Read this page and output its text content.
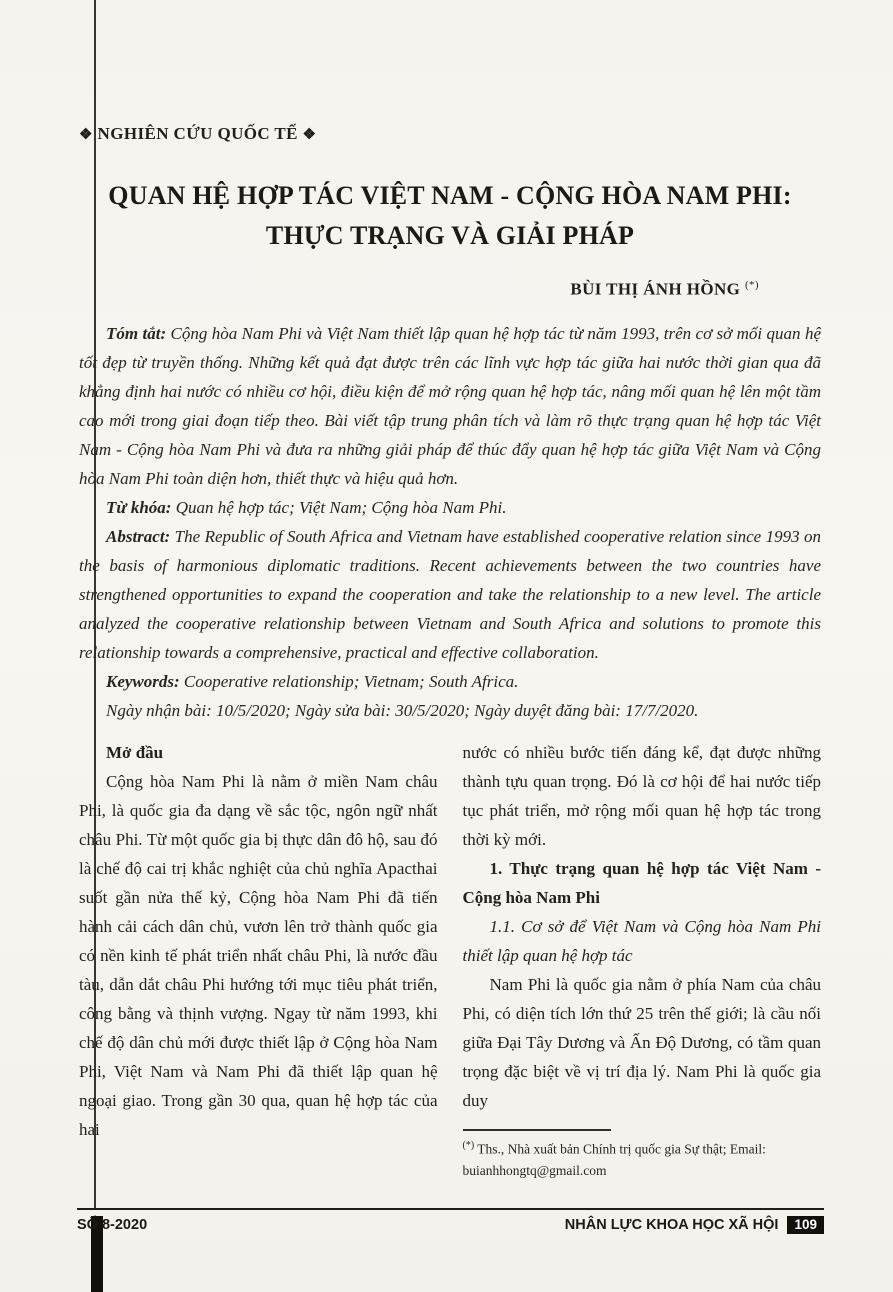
❖ NGHIÊN CỨU QUỐC TẾ ❖
QUAN HỆ HỢP TÁC VIỆT NAM - CỘNG HÒA NAM PHI:
THỰC TRẠNG VÀ GIẢI PHÁP
BÙI THỊ ÁNH HỒNG (*)

Tóm tắt: Cộng hòa Nam Phi và Việt Nam thiết lập quan hệ hợp tác từ năm 1993, trên cơ sở mối quan hệ tốt đẹp từ truyền thống. Những kết quả đạt được trên các lĩnh vực hợp tác giữa hai nước thời gian qua đã khẳng định hai nước có nhiều cơ hội, điều kiện để mở rộng quan hệ hợp tác, nâng mối quan hệ lên một tầm cao mới trong giai đoạn tiếp theo. Bài viết tập trung phân tích và làm rõ thực trạng quan hệ hợp tác Việt Nam - Cộng hòa Nam Phi và đưa ra những giải pháp để thúc đẩy quan hệ hợp tác giữa Việt Nam và Cộng hòa Nam Phi toàn diện hơn, thiết thực và hiệu quả hơn.

Từ khóa: Quan hệ hợp tác; Việt Nam; Cộng hòa Nam Phi.

Abstract: The Republic of South Africa and Vietnam have established cooperative relation since 1993 on the basis of harmonious diplomatic traditions. Recent achievements between the two countries have strengthened opportunities to expand the cooperation and take the relationship to a new level. The article analyzed the cooperative relationship between Vietnam and South Africa and solutions to promote this relationship towards a comprehensive, practical and effective collaboration.

Keywords: Cooperative relationship; Vietnam; South Africa.

Ngày nhận bài: 10/5/2020; Ngày sửa bài: 30/5/2020; Ngày duyệt đăng bài: 17/7/2020.

Mở đầu

Cộng hòa Nam Phi là nằm ở miền Nam châu Phi, là quốc gia đa dạng về sắc tộc, ngôn ngữ nhất châu Phi. Từ một quốc gia bị thực dân đô hộ, sau đó là chế độ cai trị khắc nghiệt của chủ nghĩa Apacthai suốt gần nửa thế kỷ, Cộng hòa Nam Phi đã tiến hành cải cách dân chủ, vươn lên trở thành quốc gia có nền kinh tế phát triển nhất châu Phi, là nước đầu tàu, dẫn dắt châu Phi hướng tới mục tiêu phát triển, công bằng và thịnh vượng. Ngay từ năm 1993, khi chế độ dân chủ mới được thiết lập ở Cộng hòa Nam Phi, Việt Nam và Nam Phi đã thiết lập quan hệ ngoại giao. Trong gần 30 qua, quan hệ hợp tác của hai

nước có nhiều bước tiến đáng kể, đạt được những thành tựu quan trọng. Đó là cơ hội để hai nước tiếp tục phát triển, mở rộng mối quan hệ hợp tác trong thời kỳ mới.

1. Thực trạng quan hệ hợp tác Việt Nam - Cộng hòa Nam Phi

1.1. Cơ sở để Việt Nam và Cộng hòa Nam Phi thiết lập quan hệ hợp tác

Nam Phi là quốc gia nằm ở phía Nam của châu Phi, có diện tích lớn thứ 25 trên thế giới; là cầu nối giữa Đại Tây Dương và Ấn Độ Dương, có tầm quan trọng đặc biệt về vị trí địa lý. Nam Phi là quốc gia duy

(*) Ths., Nhà xuất bản Chính trị quốc gia Sự thật; Email: buianhhongtq@gmail.com

SỐ 8-2020	NHÂN LỰC KHOA HỌC XÃ HỘI	109
